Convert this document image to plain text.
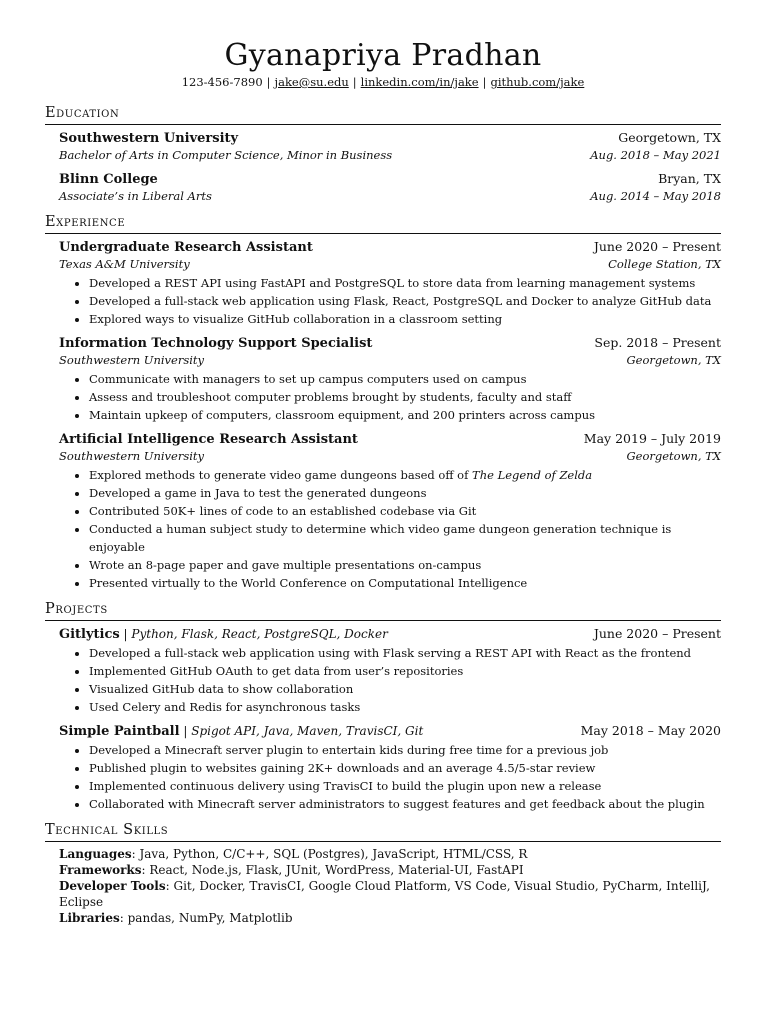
Gyanapriya Pradhan
123-456-7890 | jake@su.edu | linkedin.com/in/jake | github.com/jake
Education
Southwestern University	Georgetown, TX
Bachelor of Arts in Computer Science, Minor in Business	Aug. 2018 – May 2021
Blinn College	Bryan, TX
Associate’s in Liberal Arts	Aug. 2014 – May 2018
Experience
Undergraduate Research Assistant	June 2020 – Present
Texas A&M University	College Station, TX
• Developed a REST API using FastAPI and PostgreSQL to store data from learning management systems
• Developed a full-stack web application using Flask, React, PostgreSQL and Docker to analyze GitHub data
• Explored ways to visualize GitHub collaboration in a classroom setting
Information Technology Support Specialist	Sep. 2018 – Present
Southwestern University	Georgetown, TX
• Communicate with managers to set up campus computers used on campus
• Assess and troubleshoot computer problems brought by students, faculty and staff
• Maintain upkeep of computers, classroom equipment, and 200 printers across campus
Artificial Intelligence Research Assistant	May 2019 – July 2019
Southwestern University	Georgetown, TX
• Explored methods to generate video game dungeons based off of The Legend of Zelda
• Developed a game in Java to test the generated dungeons
• Contributed 50K+ lines of code to an established codebase via Git
• Conducted a human subject study to determine which video game dungeon generation technique is enjoyable
• Wrote an 8-page paper and gave multiple presentations on-campus
• Presented virtually to the World Conference on Computational Intelligence
Projects
Gitlytics | Python, Flask, React, PostgreSQL, Docker	June 2020 – Present
• Developed a full-stack web application using with Flask serving a REST API with React as the frontend
• Implemented GitHub OAuth to get data from user’s repositories
• Visualized GitHub data to show collaboration
• Used Celery and Redis for asynchronous tasks
Simple Paintball | Spigot API, Java, Maven, TravisCI, Git	May 2018 – May 2020
• Developed a Minecraft server plugin to entertain kids during free time for a previous job
• Published plugin to websites gaining 2K+ downloads and an average 4.5/5-star review
• Implemented continuous delivery using TravisCI to build the plugin upon new a release
• Collaborated with Minecraft server administrators to suggest features and get feedback about the plugin
Technical Skills
Languages: Java, Python, C/C++, SQL (Postgres), JavaScript, HTML/CSS, R
Frameworks: React, Node.js, Flask, JUnit, WordPress, Material-UI, FastAPI
Developer Tools: Git, Docker, TravisCI, Google Cloud Platform, VS Code, Visual Studio, PyCharm, IntelliJ, Eclipse
Libraries: pandas, NumPy, Matplotlib
